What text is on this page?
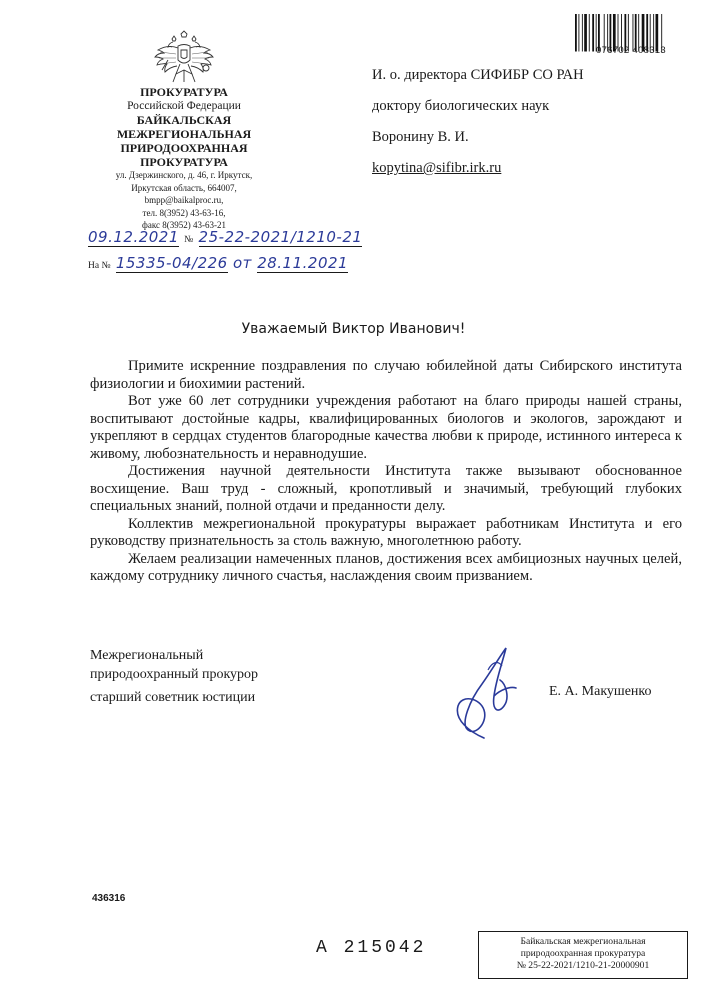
ПРОКУРАТУРА
Российской Федерации
БАЙКАЛЬСКАЯ
МЕЖРЕГИОНАЛЬНАЯ
ПРИРОДООХРАННАЯ
ПРОКУРАТУРА
ул. Дзержинского, д. 46, г. Иркутск,
Иркутская область, 664007,
bmpp@baikalproc.ru,
тел. 8(3952) 43-63-16,
факс 8(3952) 43-63-21
076702 408313
И. о. директора СИФИБР СО РАН
доктору биологических наук
Воронину В. И.
kopytina@sifibr.irk.ru
09.12.2021 № 25-22-2021/1210-21
На № 15335-04/226 от 28.11.2021
Уважаемый Виктор Иванович!

Примите искренние поздравления по случаю юбилейной даты Сибирского института физиологии и биохимии растений.

Вот уже 60 лет сотрудники учреждения работают на благо природы нашей страны, воспитывают достойные кадры, квалифицированных биологов и экологов, зарождают и укрепляют в сердцах студентов благородные качества любви к природе, истинного интереса к живому, любознательность и неравнодушие.

Достижения научной деятельности Института также вызывают обоснованное восхищение. Ваш труд - сложный, кропотливый и значимый, требующий глубоких специальных знаний, полной отдачи и преданности делу.

Коллектив межрегиональной прокуратуры выражает работникам Института и его руководству признательность за столь важную, многолетнюю работу.

Желаем реализации намеченных планов, достижения всех амбициозных научных целей, каждому сотруднику личного счастья, наслаждения своим призванием.

Межрегиональный
природоохранный прокурор
старший советник юстиции	Е. А. Макушенко
436316
А 215042	Байкальская межрегиональная
природоохранная прокуратура
№ 25-22-2021/1210-21-20000901
